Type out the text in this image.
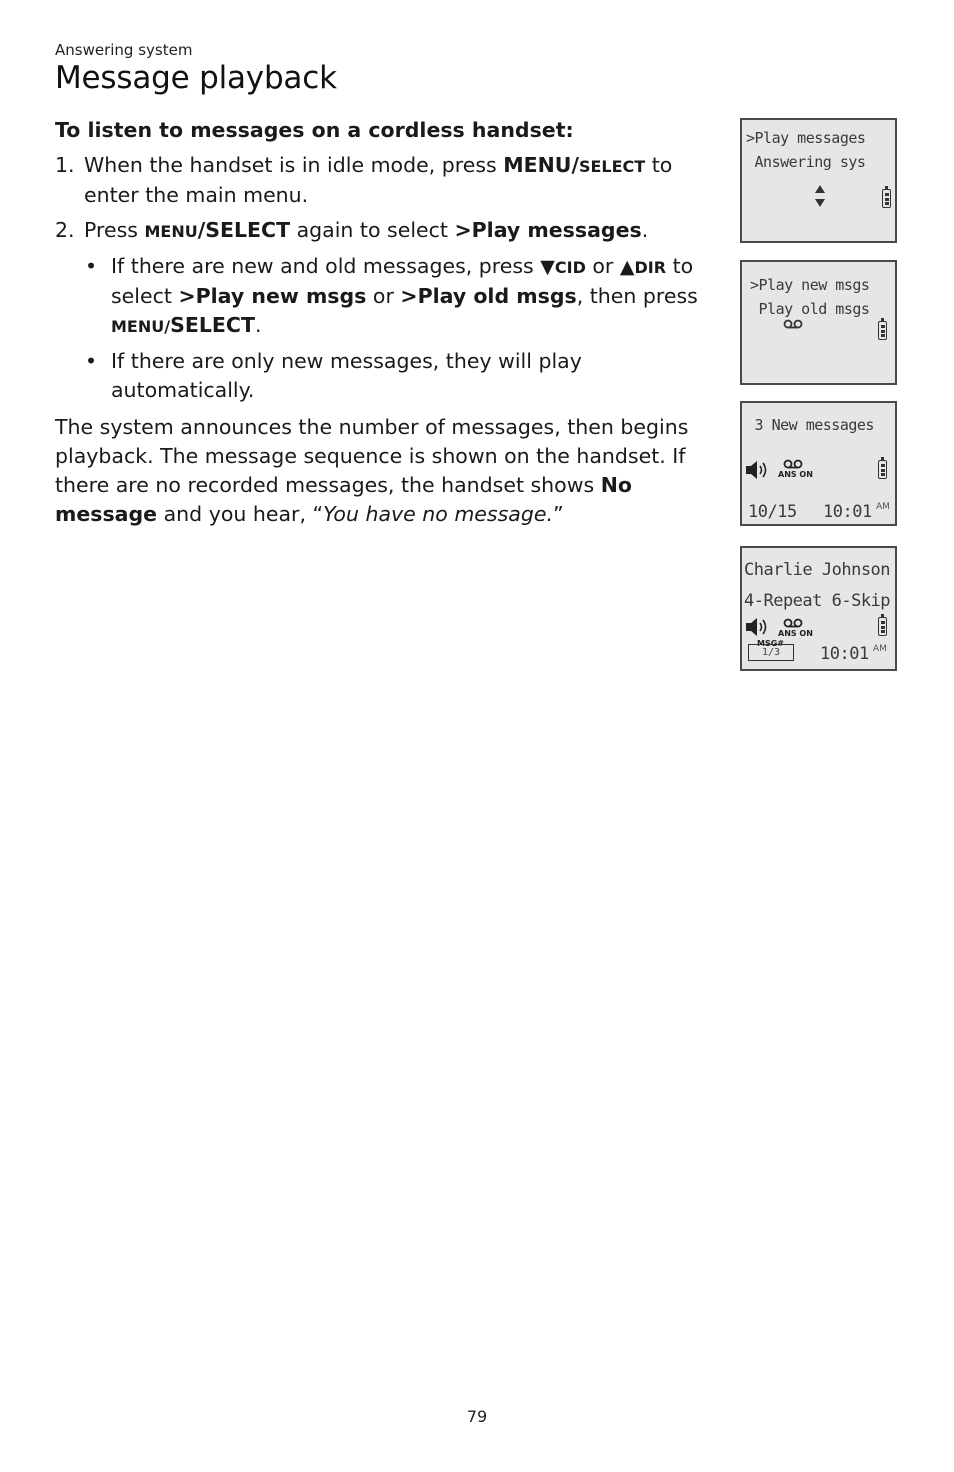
Answering system
Message playback

To listen to messages on a cordless handset:

1. When the handset is in idle mode, press MENU/SELECT to enter the main menu.

2. Press MENU/SELECT again to select >Play messages.

• If there are new and old messages, press ▼CID or ▲DIR to select >Play new msgs or >Play old msgs, then press MENU/SELECT.

• If there are only new messages, they will play automatically.

The system announces the number of messages, then begins playback. The message sequence is shown on the handset. If there are no recorded messages, the handset shows No message and you hear, “You have no message.”

>Play messages
Answering sys
>Play new msgs
Play old msgs
3 New messages
ANS ON
10/15 10:01 AM
Charlie Johnson
4-Repeat 6-Skip
ANS ON
MSG#
1/3	10:01 AM
79
